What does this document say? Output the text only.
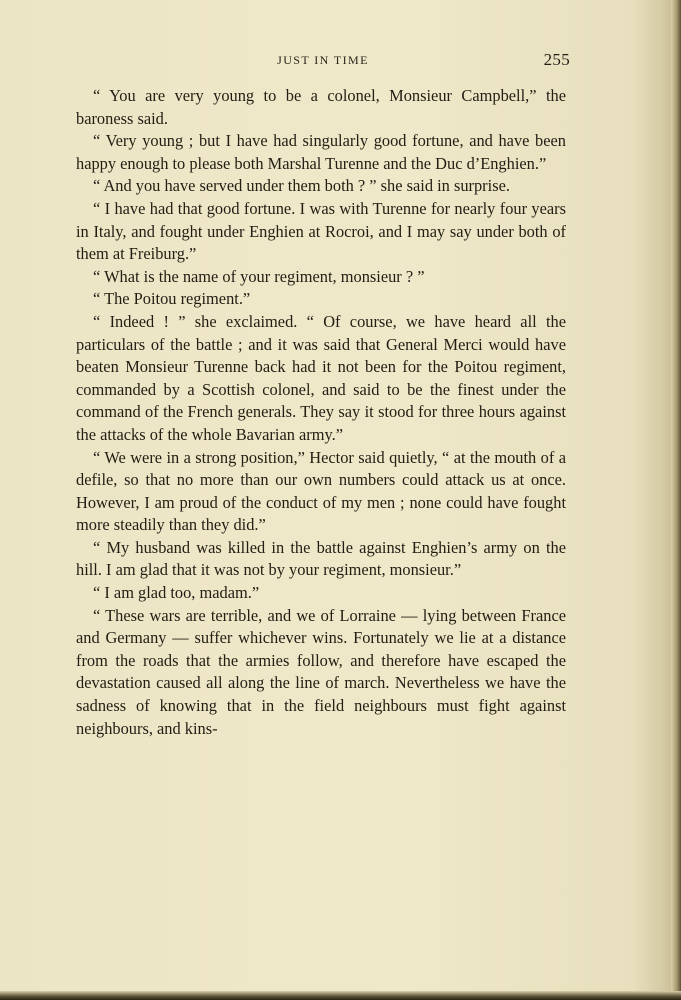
JUST IN TIME	255

“ You are very young to be a colonel, Monsieur Campbell,” the baroness said.

“ Very young ; but I have had singularly good fortune, and have been happy enough to please both Marshal Turenne and the Duc d’Enghien.”

“ And you have served under them both ? ” she said in surprise.

“ I have had that good fortune. I was with Turenne for nearly four years in Italy, and fought under Enghien at Rocroi, and I may say under both of them at Freiburg.”

“ What is the name of your regiment, monsieur ? ”

“ The Poitou regiment.”

“ Indeed ! ” she exclaimed. “ Of course, we have heard all the particulars of the battle ; and it was said that General Merci would have beaten Monsieur Turenne back had it not been for the Poitou regiment, commanded by a Scottish colonel, and said to be the finest under the command of the French generals. They say it stood for three hours against the attacks of the whole Bavarian army.”

“ We were in a strong position,” Hector said quietly, “ at the mouth of a defile, so that no more than our own numbers could attack us at once. However, I am proud of the conduct of my men ; none could have fought more steadily than they did.”

“ My husband was killed in the battle against Enghien’s army on the hill. I am glad that it was not by your regiment, monsieur.”

“ I am glad too, madam.”

“ These wars are terrible, and we of Lorraine — lying between France and Germany — suffer whichever wins. Fortunately we lie at a distance from the roads that the armies follow, and therefore have escaped the devastation caused all along the line of march. Nevertheless we have the sadness of knowing that in the field neighbours must fight against neighbours, and kins-
